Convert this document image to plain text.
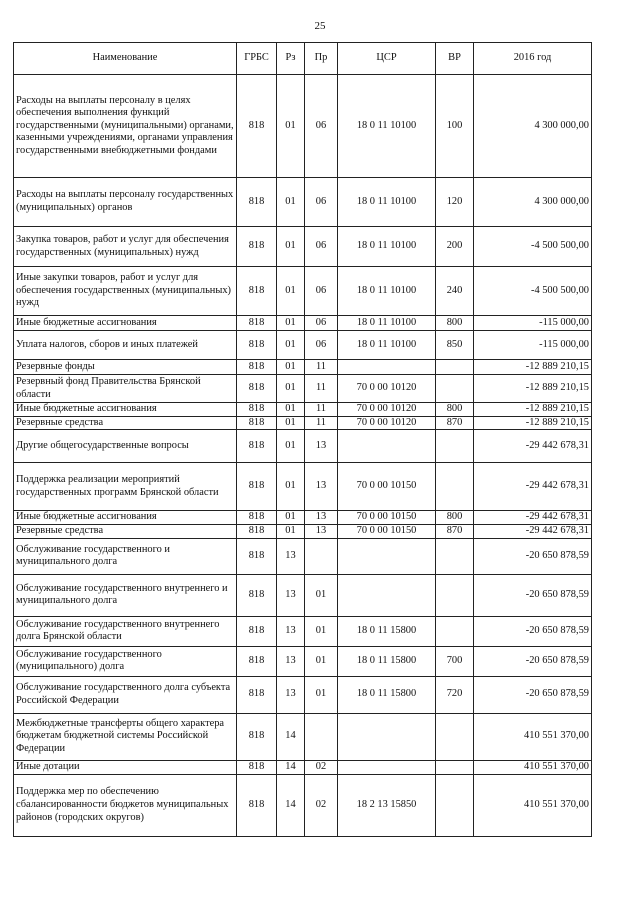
25
Наименование	ГРБС	Рз	Пр	ЦСР	ВР	2016 год
Расходы на выплаты персоналу в целях обеспечения выполнения функций государственными (муниципальными) органами, казенными учреждениями, органами управления государственными внебюджетными фондами	818	01	06	18 0 11 10100	100	4 300 000,00
Расходы на выплаты персоналу государственных (муниципальных) органов	818	01	06	18 0 11 10100	120	4 300 000,00
Закупка товаров, работ и услуг для обеспечения государственных (муниципальных) нужд	818	01	06	18 0 11 10100	200	-4 500 500,00
Иные закупки товаров, работ и услуг для обеспечения государственных (муниципальных) нужд	818	01	06	18 0 11 10100	240	-4 500 500,00
Иные бюджетные ассигнования	818	01	06	18 0 11 10100	800	-115 000,00
Уплата налогов, сборов и иных платежей	818	01	06	18 0 11 10100	850	-115 000,00
Резервные фонды	818	01	11			-12 889 210,15
Резервный фонд Правительства Брянской области	818	01	11	70 0 00 10120		-12 889 210,15
Иные бюджетные ассигнования	818	01	11	70 0 00 10120	800	-12 889 210,15
Резервные средства	818	01	11	70 0 00 10120	870	-12 889 210,15
Другие общегосударственные вопросы	818	01	13			-29 442 678,31
Поддержка реализации мероприятий государственных программ Брянской области	818	01	13	70 0 00 10150		-29 442 678,31
Иные бюджетные ассигнования	818	01	13	70 0 00 10150	800	-29 442 678,31
Резервные средства	818	01	13	70 0 00 10150	870	-29 442 678,31
Обслуживание государственного и муниципального долга	818	13				-20 650 878,59
Обслуживание государственного внутреннего и муниципального долга	818	13	01			-20 650 878,59
Обслуживание государственного внутреннего долга Брянской области	818	13	01	18 0 11 15800		-20 650 878,59
Обслуживание государственного (муниципального) долга	818	13	01	18 0 11 15800	700	-20 650 878,59
Обслуживание государственного долга субъекта Российской Федерации	818	13	01	18 0 11 15800	720	-20 650 878,59
Межбюджетные трансферты общего характера бюджетам бюджетной системы Российской Федерации	818	14				410 551 370,00
Иные дотации	818	14	02			410 551 370,00
Поддержка мер по обеспечению сбалансированности бюджетов муниципальных районов (городских округов)	818	14	02	18 2 13 15850		410 551 370,00
